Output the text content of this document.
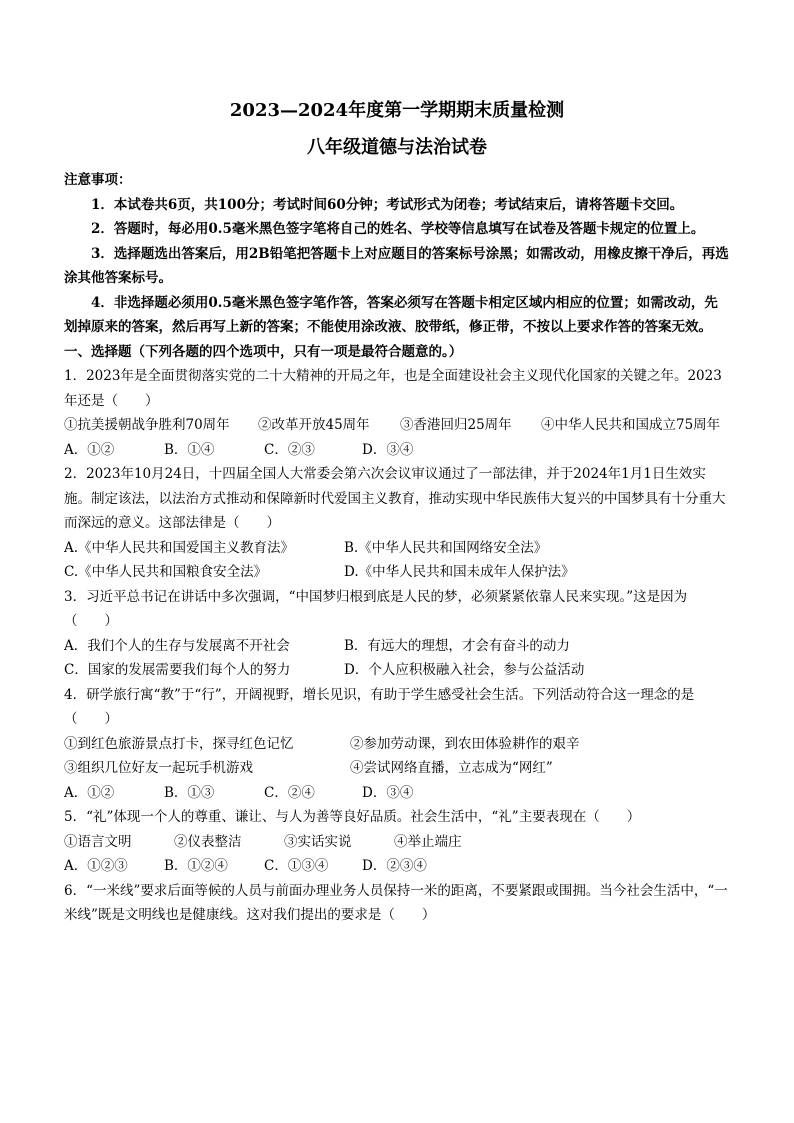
2023—2024年度第一学期期末质量检测
八年级道德与法治试卷
注意事项：
1．本试卷共6页，共100分；考试时间60分钟；考试形式为闭卷；考试结束后，请将答题卡交回。
2．答题时，每必用0.5毫米黑色签字笔将自己的姓名、学校等信息填写在试卷及答题卡规定的位置上。
3．选择题选出答案后，用2B铅笔把答题卡上对应题目的答案标号涂黑；如需改动，用橡皮擦干净后，再选涂其他答案标号。
4．非选择题必须用0.5毫米黑色签字笔作答，答案必须写在答题卡相定区域内相应的位置；如需改动，先划掉原来的答案，然后再写上新的答案；不能使用涂改液、胶带纸，修正带，不按以上要求作答的答案无效。
一、选择题（下列各题的四个选项中，只有一项是最符合题意的。）

1．2023年是全面贯彻落实党的二十大精神的开局之年，也是全面建设社会主义现代化国家的关键之年。2023年还是（　　）

①抗美援朝战争胜利70周年	②改革开放45周年	③香港回归25周年	④中华人民共和国成立75周年
A．①②	B．①④	C．②③	D．③④

2．2023年10月24日，十四届全国人大常委会第六次会议审议通过了一部法律，并于2024年1月1日生效实施。制定该法，以法治方式推动和保障新时代爱国主义教育，推动实现中华民族伟大复兴的中国梦具有十分重大而深远的意义。这部法律是（　　）

A.《中华人民共和国爱国主义教育法》	B.《中华人民共和国网络安全法》
C.《中华人民共和国粮食安全法》	D.《中华人民共和国未成年人保护法》

3．习近平总书记在讲话中多次强调，“中国梦归根到底是人民的梦，必须紧紧依靠人民来实现。”这是因为（　　）

A．我们个人的生存与发展离不开社会	B．有远大的理想，才会有奋斗的动力
C．国家的发展需要我们每个人的努力	D．个人应积极融入社会，参与公益活动

4．研学旅行寓“教”于“行”，开阔视野，增长见识，有助于学生感受社会生活。下列活动符合这一理念的是（　　）

①到红色旅游景点打卡，探寻红色记忆	②参加劳动课，到农田体验耕作的艰辛
③组织几位好友一起玩手机游戏	④尝试网络直播，立志成为“网红”
A．①②	B．①③	C．②④	D．③④

5．“礼”体现一个人的尊重、谦让、与人为善等良好品质。社会生活中，“礼”主要表现在（　　）

①语言文明	②仪表整洁	③实话实说	④举止端庄
A．①②③	B．①②④	C．①③④	D．②③④

6．“一米线”要求后面等候的人员与前面办理业务人员保持一米的距离，不要紧跟或围拥。当今社会生活中，“一米线”既是文明线也是健康线。这对我们提出的要求是（　　）
